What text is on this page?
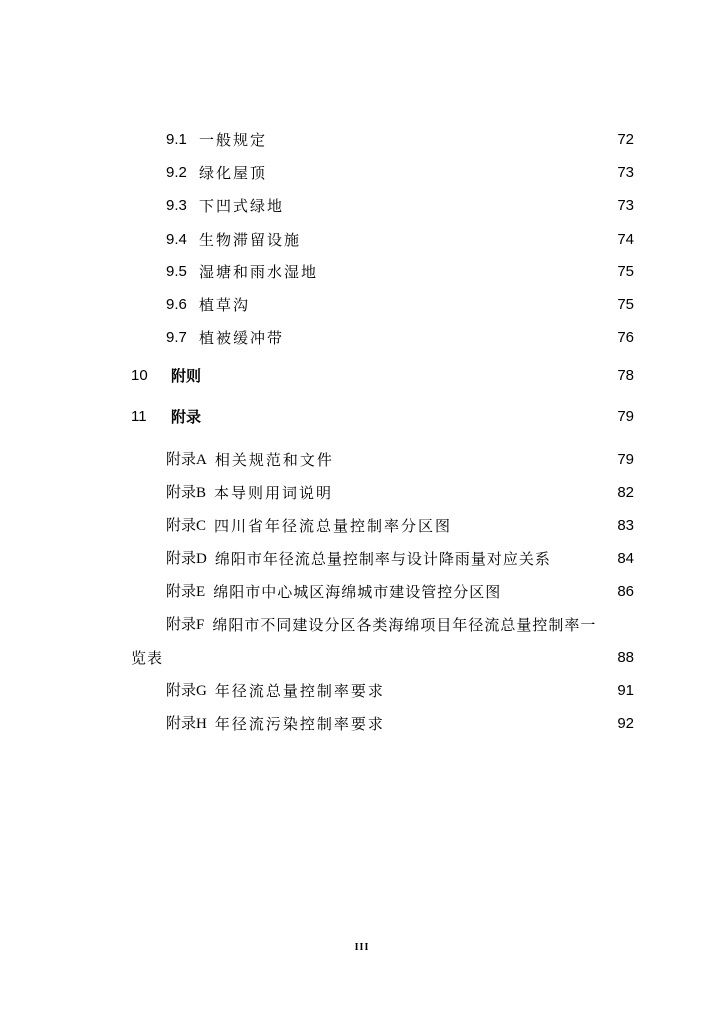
9.1 一般规定	72
9.2 绿化屋顶	73
9.3 下凹式绿地	73
9.4 生物滞留设施	74
9.5 湿塘和雨水湿地	75
9.6 植草沟	75
9.7 植被缓冲带	76
10	附则	78
11	附录	79
附录A 相关规范和文件	79
附录B 本导则用词说明	82
附录C 四川省年径流总量控制率分区图	83
附录D 绵阳市年径流总量控制率与设计降雨量对应关系	84
附录E 绵阳市中心城区海绵城市建设管控分区图	86
附录F 绵阳市不同建设分区各类海绵项目年径流总量控制率一
览表	88
附录G 年径流总量控制率要求	91
附录H 年径流污染控制率要求	92
III
